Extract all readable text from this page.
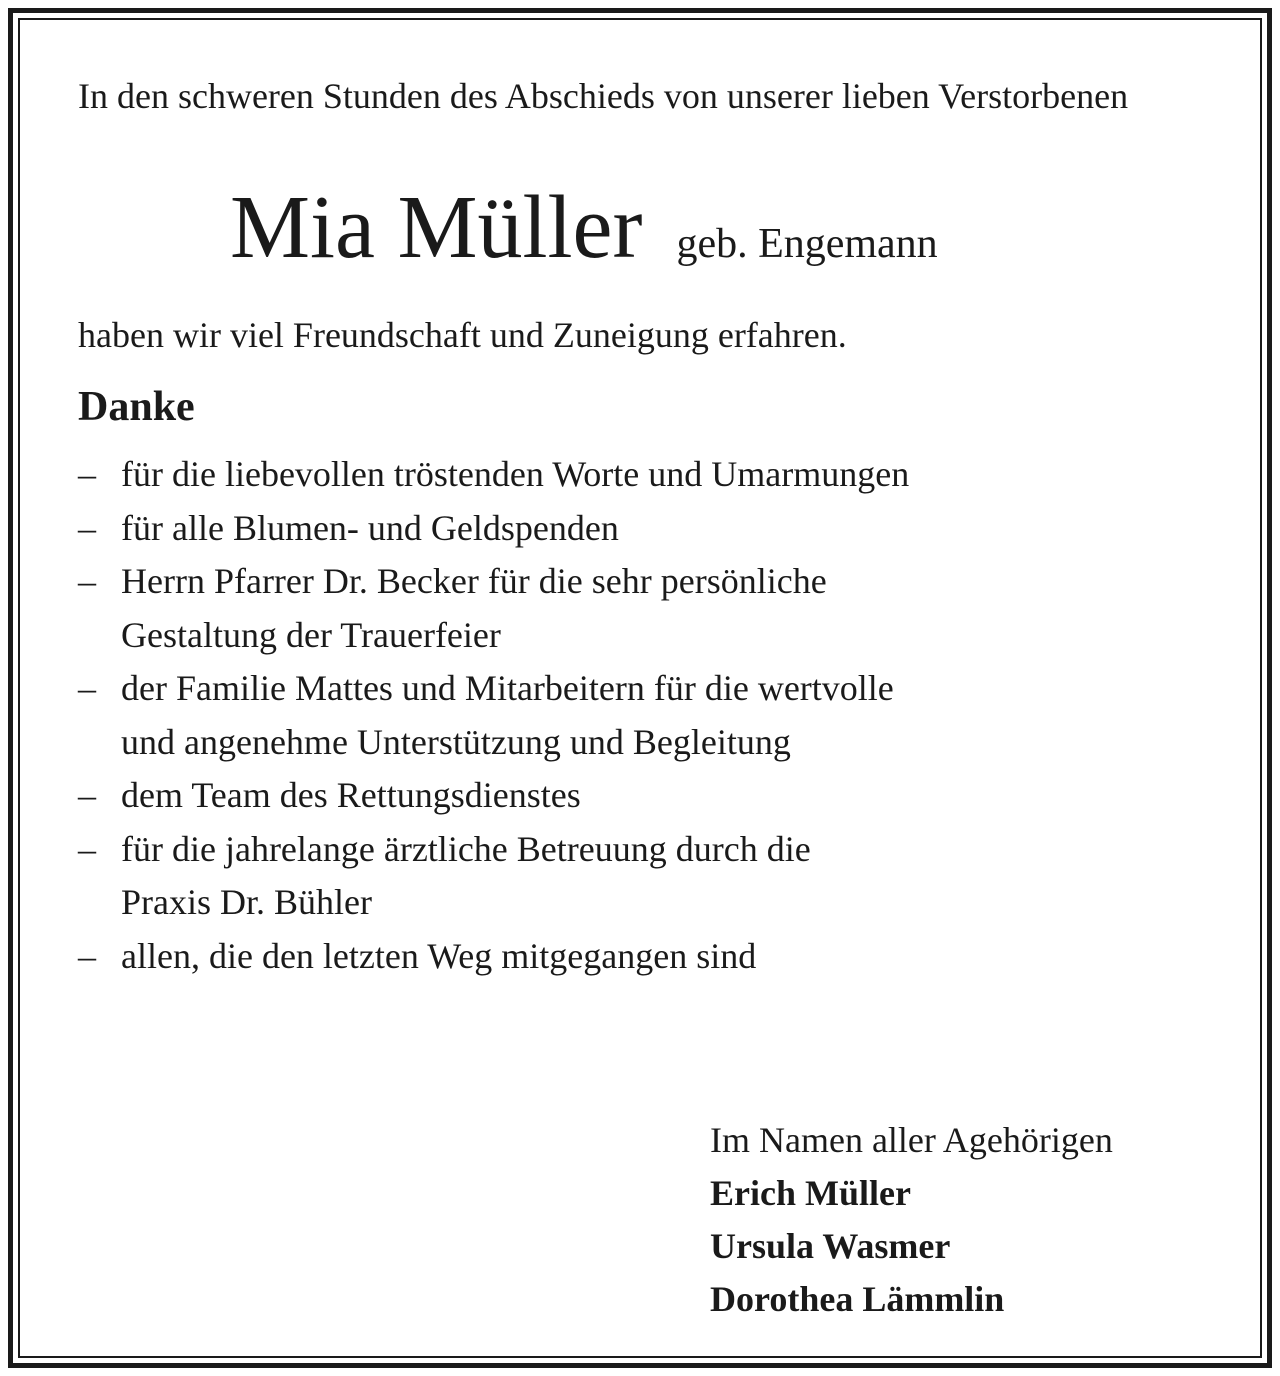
In den schweren Stunden des Abschieds von unserer lieben Verstorbenen

Mia Müller geb. Engemann

haben wir viel Freundschaft und Zuneigung erfahren.

Danke

– für die liebevollen tröstenden Worte und Umarmungen
– für alle Blumen- und Geldspenden
– Herrn Pfarrer Dr. Becker für die sehr persönliche
Gestaltung der Trauerfeier
– der Familie Mattes und Mitarbeitern für die wertvolle
und angenehme Unterstützung und Begleitung
– dem Team des Rettungsdienstes
– für die jahrelange ärztliche Betreuung durch die
Praxis Dr. Bühler
– allen, die den letzten Weg mitgegangen sind
Im Namen aller Agehörigen
Erich Müller
Ursula Wasmer
Dorothea Lämmlin
